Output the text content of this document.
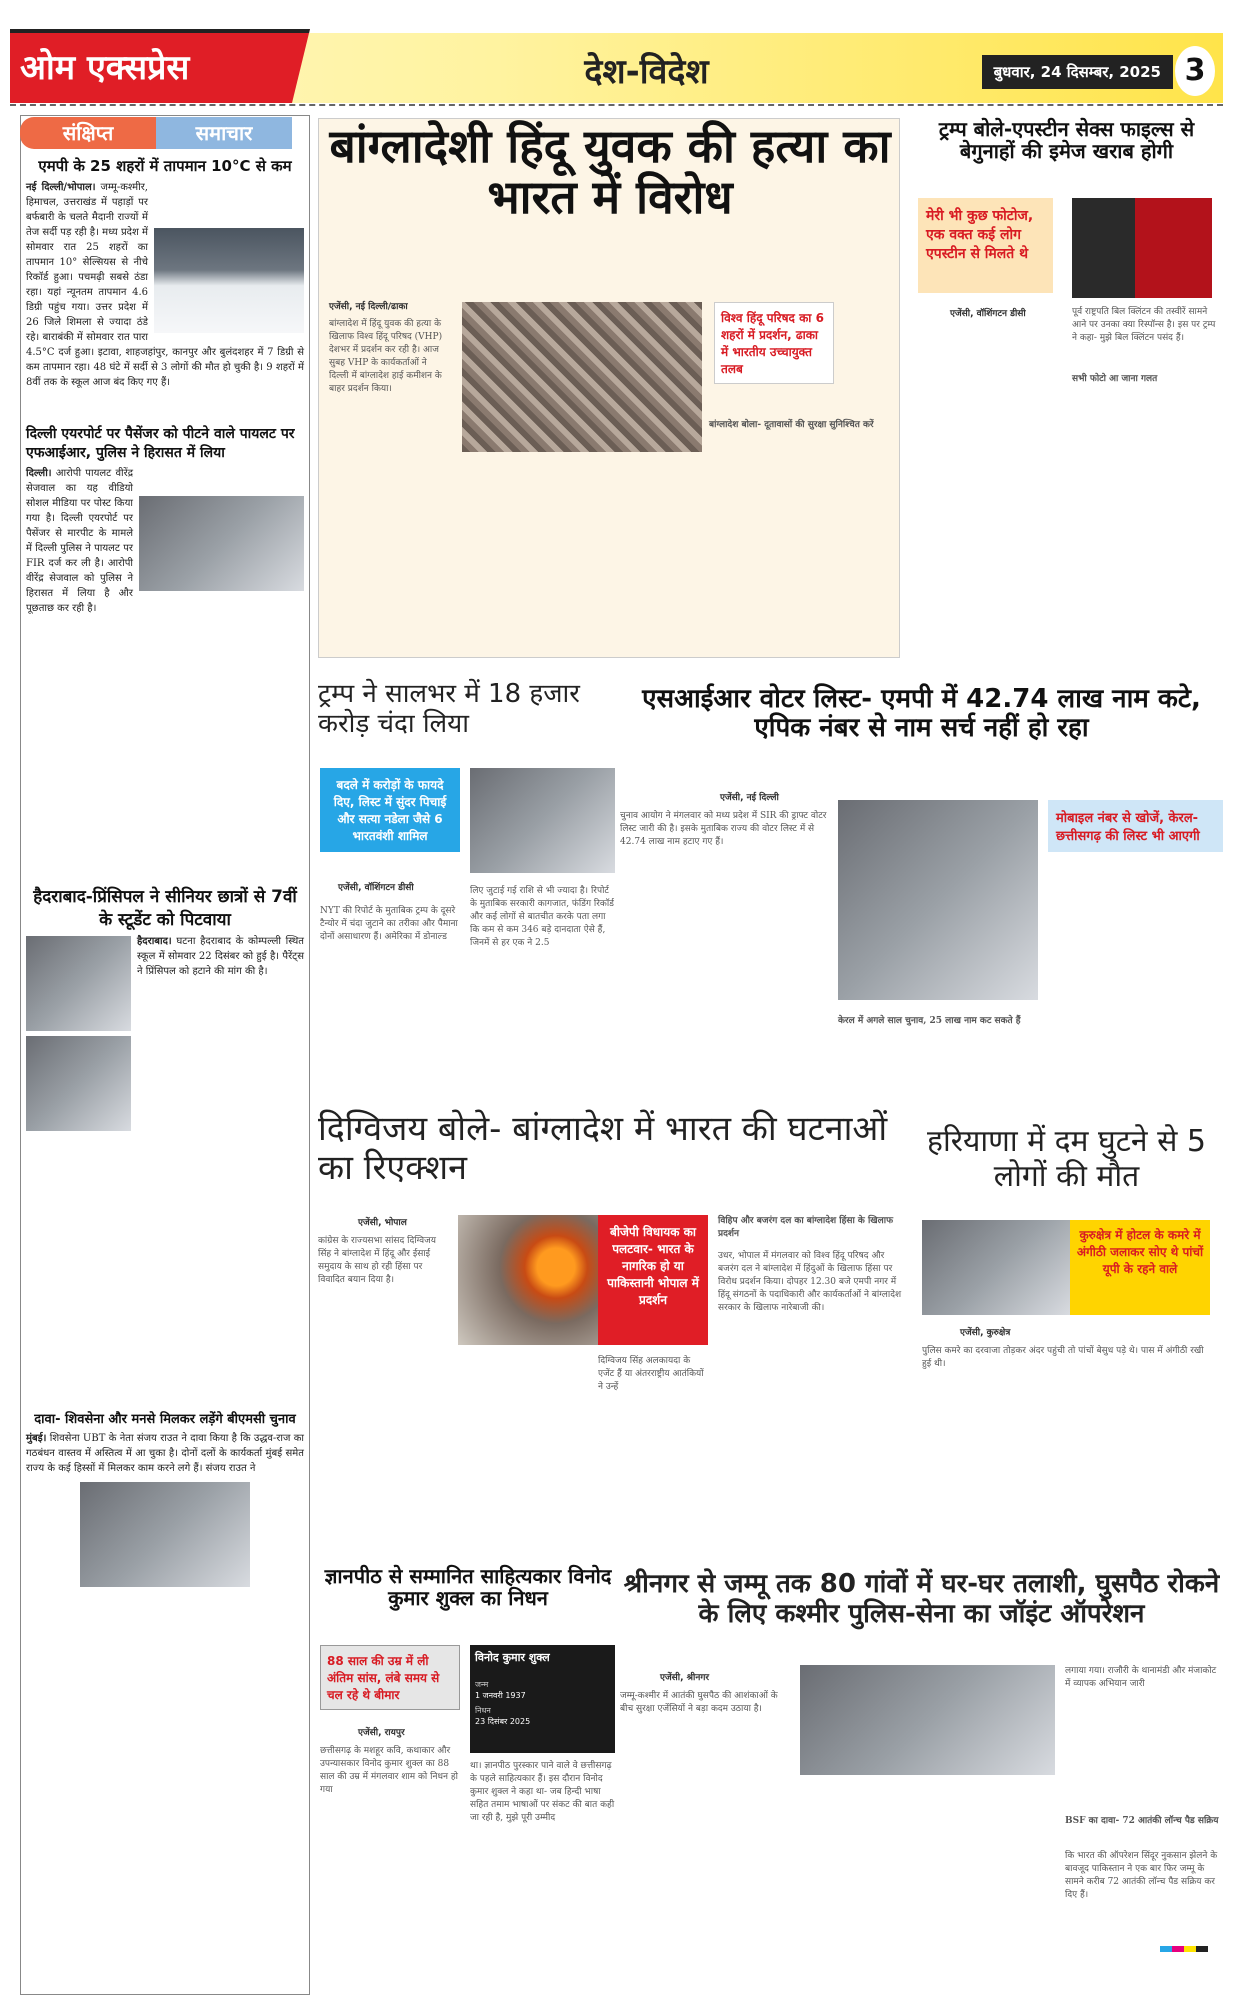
ओम एक्सप्रेस	देश-विदेश	बुधवार, 24 दिसम्बर, 2025 3
संक्षिप्त	समाचार
एमपी के 25 शहरों में तापमान 10°C से कम
नई दिल्ली/भोपाल। जम्मू-कश्मीर, हिमाचल, उत्तराखंड में पहाड़ों पर बर्फबारी के चलते मैदानी राज्यों में तेज सर्दी पड़ रही है। मध्य प्रदेश में सोमवार रात 25 शहरों का तापमान 10° सेल्सियस से नीचे रिकॉर्ड हुआ। पचमढ़ी सबसे ठंडा रहा। यहां न्यूनतम तापमान 4.6 डिग्री पहुंच गया। उत्तर प्रदेश में 26 जिले शिमला से ज्यादा ठंडे रहे। बाराबंकी में सोमवार रात पारा 4.5°C दर्ज हुआ। इटावा, शाहजहांपुर, कानपुर और बुलंदशहर में 7 डिग्री से कम तापमान रहा। 48 घंटे में सर्दी से 3 लोगों की मौत हो चुकी है। 9 शहरों में 8वीं तक के स्कूल आज बंद किए गए हैं।
दिल्ली एयरपोर्ट पर पैसेंजर को पीटने वाले पायलट पर एफआईआर, पुलिस ने हिरासत में लिया
दिल्ली। आरोपी पायलट वीरेंद्र सेजवाल का यह वीडियो सोशल मीडिया पर पोस्ट किया गया है। दिल्ली एयरपोर्ट पर पैसेंजर से मारपीट के मामले में दिल्ली पुलिस ने पायलट पर FIR दर्ज कर ली है। आरोपी वीरेंद्र सेजवाल को पुलिस ने हिरासत में लिया है और पूछताछ कर रही है।
हैदराबाद-प्रिंसिपल ने सीनियर छात्रों से 7वीं के स्टूडेंट को पिटवाया
हैदराबाद। घटना हैदराबाद के कोम्पल्ली स्थित स्कूल में सोमवार 22 दिसंबर को हुई है। पैरेंट्स ने प्रिंसिपल को हटाने की मांग की है।
दावा- शिवसेना और मनसे मिलकर लड़ेंगे बीएमसी चुनाव
मुंबई। शिवसेना UBT के नेता संजय राउत ने दावा किया है कि उद्धव-राज का गठबंधन वास्तव में अस्तित्व में आ चुका है। दोनों दलों के कार्यकर्ता मुंबई समेत राज्य के कई हिस्सों में मिलकर काम करने लगे हैं। संजय राउत ने
बांग्लादेशी हिंदू युवक की हत्या का भारत में विरोध
एजेंसी, नई दिल्ली/ढाका
बांग्लादेश में हिंदू युवक की हत्या के खिलाफ विश्व हिंदू परिषद (VHP) देशभर में प्रदर्शन कर रही है। आज सुबह VHP के कार्यकर्ताओं ने दिल्ली में बांग्लादेश हाई कमीशन के बाहर प्रदर्शन किया।
विश्व हिंदू परिषद का 6 शहरों में प्रदर्शन, ढाका में भारतीय उच्चायुक्त तलब
बांग्लादेश बोला- दूतावासों की सुरक्षा सुनिश्चित करें
ट्रम्प बोले-एपस्टीन सेक्स फाइल्स से बेगुनाहों की इमेज खराब होगी
मेरी भी कुछ फोटोज, एक वक्त कई लोग एपस्टीन से मिलते थे
एजेंसी, वॉशिंगटन डीसी	पूर्व राष्ट्रपति बिल क्लिंटन की तस्वीरें सामने आने पर उनका क्या रिस्पॉन्स है। इस पर ट्रम्प ने कहा- मुझे बिल क्लिंटन पसंद हैं।
सभी फोटो आ जाना गलत
ट्रम्प ने सालभर में 18 हजार करोड़ चंदा लिया
बदले में करोड़ों के फायदे दिए, लिस्ट में सुंदर पिचाई और सत्या नडेला जैसे 6 भारतवंशी शामिल
एजेंसी, वॉशिंगटन डीसी
NYT की रिपोर्ट के मुताबिक ट्रम्प के दूसरे टैन्योर में चंदा जुटाने का तरीका और पैमाना दोनों असाधारण हैं। अमेरिका में डोनाल्ड
लिए जुटाई गई राशि से भी ज्यादा है। रिपोर्ट के मुताबिक सरकारी कागजात, फंडिंग रिकॉर्ड और कई लोगों से बातचीत करके पता लगा कि कम से कम 346 बड़े दानदाता ऐसे हैं, जिनमें से हर एक ने 2.5
एसआईआर वोटर लिस्ट- एमपी में 42.74 लाख नाम कटे, एपिक नंबर से नाम सर्च नहीं हो रहा
एजेंसी, नई दिल्ली
चुनाव आयोग ने मंगलवार को मध्य प्रदेश में SIR की ड्राफ्ट वोटर लिस्ट जारी की है। इसके मुताबिक राज्य की वोटर लिस्ट में से 42.74 लाख नाम हटाए गए हैं।
मोबाइल नंबर से खोजें, केरल-छत्तीसगढ़ की लिस्ट भी आएगी
केरल में अगले साल चुनाव, 25 लाख नाम कट सकते हैं
दिग्विजय बोले- बांग्लादेश में भारत की घटनाओं का रिएक्शन
एजेंसी, भोपाल
कांग्रेस के राज्यसभा सांसद दिग्विजय सिंह ने बांग्लादेश में हिंदू और ईसाई समुदाय के साथ हो रही हिंसा पर विवादित बयान दिया है।
बीजेपी विधायक का पलटवार- भारत के नागरिक हो या पाकिस्तानी भोपाल में प्रदर्शन
दिग्विजय सिंह अलकायदा के एजेंट हैं या अंतरराष्ट्रीय आतंकियों ने उन्हें
विहिप और बजरंग दल का बांग्लादेश हिंसा के खिलाफ प्रदर्शन
उधर, भोपाल में मंगलवार को विश्व हिंदू परिषद और बजरंग दल ने बांग्लादेश में हिंदुओं के खिलाफ हिंसा पर विरोध प्रदर्शन किया। दोपहर 12.30 बजे एमपी नगर में हिंदू संगठनों के पदाधिकारी और कार्यकर्ताओं ने बांग्लादेश सरकार के खिलाफ नारेबाजी की।
हरियाणा में दम घुटने से 5 लोगों की मौत
कुरुक्षेत्र में होटल के कमरे में अंगीठी जलाकर सोए थे पांचों यूपी के रहने वाले
एजेंसी, कुरुक्षेत्र
पुलिस कमरे का दरवाजा तोड़कर अंदर पहुंची तो पांचों बेसुध पड़े थे। पास में अंगीठी रखी हुई थी।
ज्ञानपीठ से सम्मानित साहित्यकार विनोद कुमार शुक्ल का निधन
88 साल की उम्र में ली अंतिम सांस, लंबे समय से चल रहे थे बीमार
विनोद कुमार शुक्ल
जन्म
1 जनवरी 1937
निधन
23 दिसंबर 2025
एजेंसी, रायपुर
छत्तीसगढ़ के मशहूर कवि, कथाकार और उपन्यासकार विनोद कुमार शुक्ल का 88 साल की उम्र में मंगलवार शाम को निधन हो गया
था। ज्ञानपीठ पुरस्कार पाने वाले वे छत्तीसगढ़ के पहले साहित्यकार हैं। इस दौरान विनोद कुमार शुक्ल ने कहा था- जब हिन्दी भाषा सहित तमाम भाषाओं पर संकट की बात कही जा रही है, मुझे पूरी उम्मीद
श्रीनगर से जम्मू तक 80 गांवों में घर-घर तलाशी, घुसपैठ रोकने के लिए कश्मीर पुलिस-सेना का जॉइंट ऑपरेशन
एजेंसी, श्रीनगर
जम्मू-कश्मीर में आतंकी घुसपैठ की आशंकाओं के बीच सुरक्षा एजेंसियों ने बड़ा कदम उठाया है।
लगाया गया। राजौरी के थानामंडी और मंजाकोट में व्यापक अभियान जारी
BSF का दावा- 72 आतंकी लॉन्च पैड सक्रिय
कि भारत की ऑपरेशन सिंदूर नुकसान झेलने के बावजूद पाकिस्तान ने एक बार फिर जम्मू के सामने करीब 72 आतंकी लॉन्च पैड सक्रिय कर दिए हैं।
